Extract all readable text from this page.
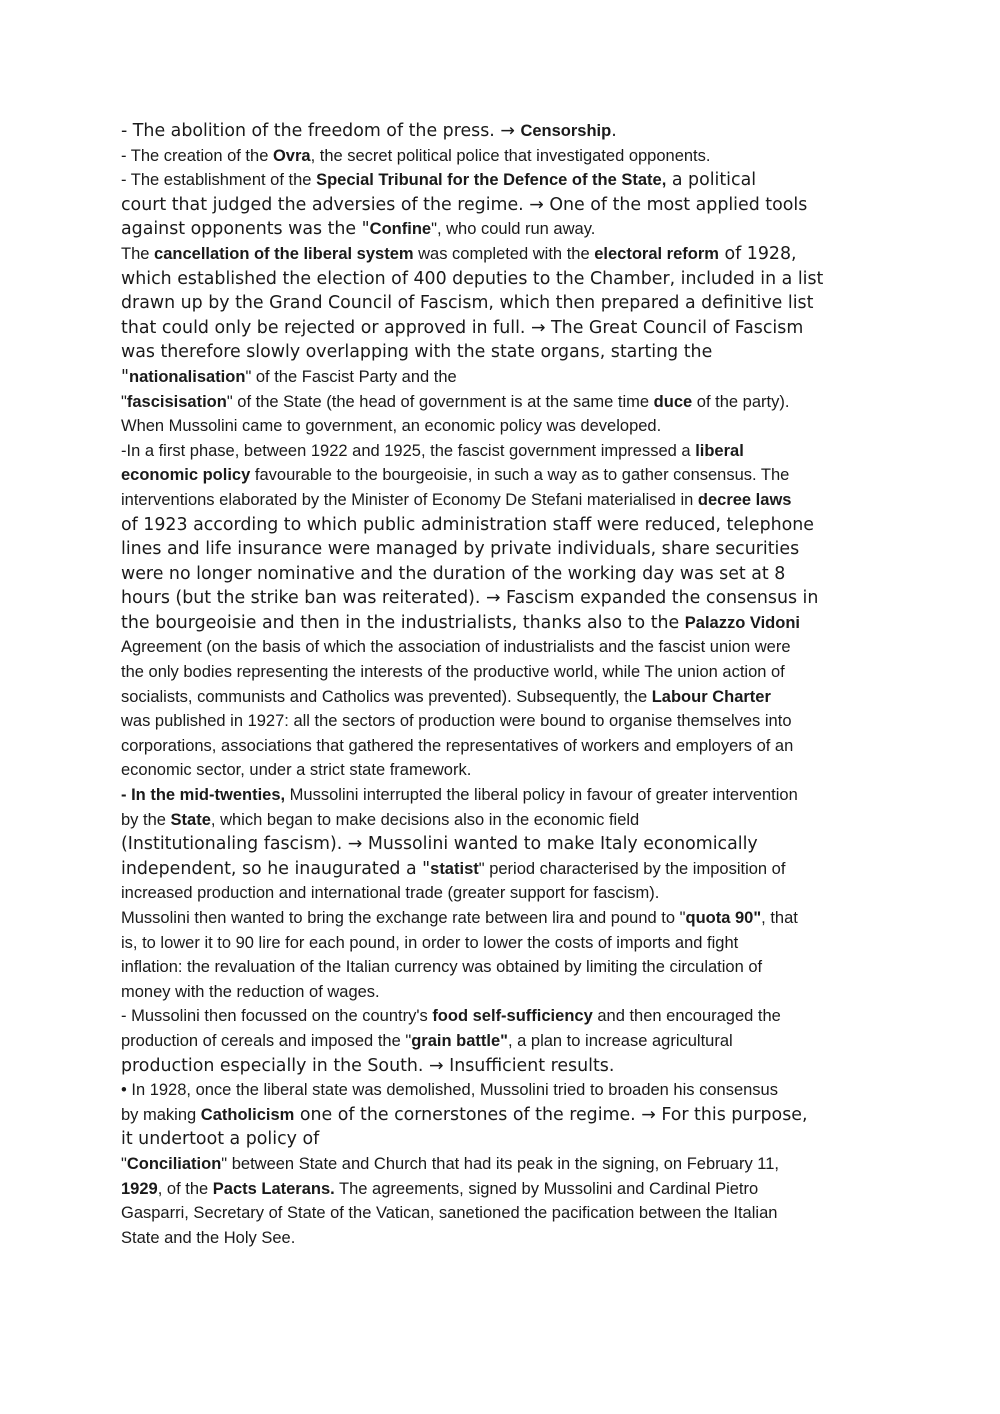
- The abolition of the freedom of the press. → Censorship.
- The creation of the Ovra, the secret political police that investigated opponents.
- The establishment of the Special Tribunal for the Defence of the State, a political
court that judged the adversies of the regime. → One of the most applied tools
against opponents was the "Confine", who could run away.
The cancellation of the liberal system was completed with the electoral reform of 1928,
which established the election of 400 deputies to the Chamber, included in a list
drawn up by the Grand Council of Fascism, which then prepared a definitive list
that could only be rejected or approved in full. → The Great Council of Fascism
was therefore slowly overlapping with the state organs, starting the
"nationalisation" of the Fascist Party and the
"fascisisation" of the State (the head of government is at the same time duce of the party).
When Mussolini came to government, an economic policy was developed.
-In a first phase, between 1922 and 1925, the fascist government impressed a liberal
economic policy favourable to the bourgeoisie, in such a way as to gather consensus. The
interventions elaborated by the Minister of Economy De Stefani materialised in decree laws
of 1923 according to which public administration staff were reduced, telephone
lines and life insurance were managed by private individuals, share securities
were no longer nominative and the duration of the working day was set at 8
hours (but the strike ban was reiterated). → Fascism expanded the consensus in
the bourgeoisie and then in the industrialists, thanks also to the Palazzo Vidoni
Agreement (on the basis of which the association of industrialists and the fascist union were
the only bodies representing the interests of the productive world, while The union action of
socialists, communists and Catholics was prevented). Subsequently, the Labour Charter
was published in 1927: all the sectors of production were bound to organise themselves into
corporations, associations that gathered the representatives of workers and employers of an
economic sector, under a strict state framework.
- In the mid-twenties, Mussolini interrupted the liberal policy in favour of greater intervention
by the State, which began to make decisions also in the economic field
(Institutionaling fascism). → Mussolini wanted to make Italy economically
independent, so he inaugurated a "statist" period characterised by the imposition of
increased production and international trade (greater support for fascism).
Mussolini then wanted to bring the exchange rate between lira and pound to "quota 90", that
is, to lower it to 90 lire for each pound, in order to lower the costs of imports and fight
inflation: the revaluation of the Italian currency was obtained by limiting the circulation of
money with the reduction of wages.
- Mussolini then focussed on the country's food self-sufficiency and then encouraged the
production of cereals and imposed the "grain battle", a plan to increase agricultural
production especially in the South. → Insufficient results.
• In 1928, once the liberal state was demolished, Mussolini tried to broaden his consensus
by making Catholicism one of the cornerstones of the regime. → For this purpose,
it undertoot a policy of
"Conciliation" between State and Church that had its peak in the signing, on February 11,
1929, of the Pacts Laterans. The agreements, signed by Mussolini and Cardinal Pietro
Gasparri, Secretary of State of the Vatican, sanetioned the pacification between the Italian
State and the Holy See.
